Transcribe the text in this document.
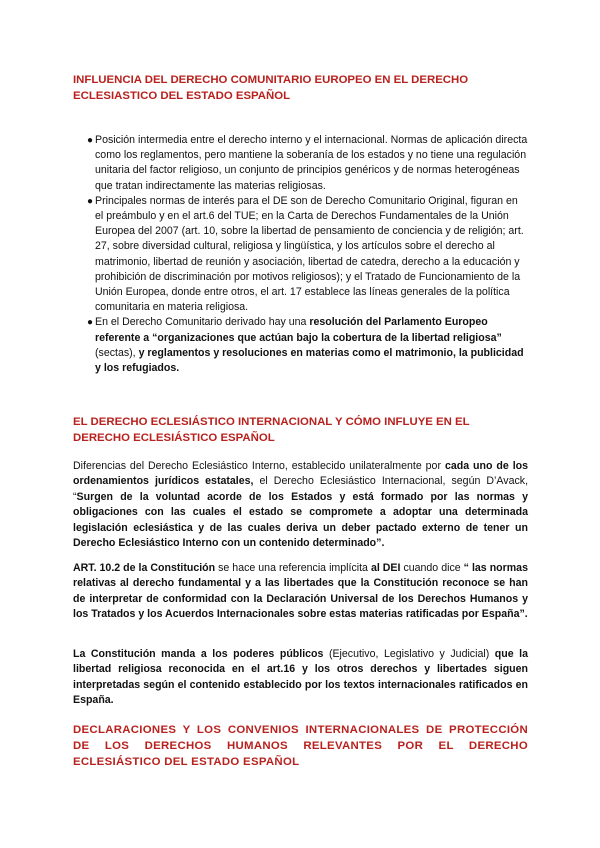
INFLUENCIA DEL DERECHO COMUNITARIO EUROPEO EN EL DERECHO ECLESIASTICO DEL ESTADO ESPAÑOL
● Posición intermedia entre el derecho interno y el internacional. Normas de aplicación directa como los reglamentos, pero mantiene la soberanía de los estados y no tiene una regulación unitaria del factor religioso, un conjunto de principios genéricos y de normas heterogéneas que tratan indirectamente las materias religiosas.
● Principales normas de interés para el DE son de Derecho Comunitario Original, figuran en el preámbulo y en el art.6 del TUE; en la Carta de Derechos Fundamentales de la Unión Europea del 2007 (art. 10, sobre la libertad de pensamiento de conciencia y de religión; art. 27, sobre diversidad cultural, religiosa y lingüística, y los artículos sobre el derecho al matrimonio, libertad de reunión y asociación, libertad de catedra, derecho a la educación y prohibición de discriminación por motivos religiosos); y el Tratado de Funcionamiento de la Unión Europea, donde entre otros, el art. 17 establece las líneas generales de la política comunitaria en materia religiosa.
● En el Derecho Comunitario derivado hay una resolución del Parlamento Europeo referente a “organizaciones que actúan bajo la cobertura de la libertad religiosa” (sectas), y reglamentos y resoluciones en materias como el matrimonio, la publicidad y los refugiados.
EL DERECHO ECLESIÁSTICO INTERNACIONAL Y CÓMO INFLUYE EN EL DERECHO ECLESIÁSTICO ESPAÑOL
Diferencias del Derecho Eclesiástico Interno, establecido unilateralmente por cada uno de los ordenamientos jurídicos estatales, el Derecho Eclesiástico Internacional, según D’Avack, “Surgen de la voluntad acorde de los Estados y está formado por las normas y obligaciones con las cuales el estado se compromete a adoptar una determinada legislación eclesiástica y de las cuales deriva un deber pactado externo de tener un Derecho Eclesiástico Interno con un contenido determinado”.
ART. 10.2 de la Constitución se hace una referencia implícita al DEI cuando dice “ las normas relativas al derecho fundamental y a las libertades que la Constitución reconoce se han de interpretar de conformidad con la Declaración Universal de los Derechos Humanos y los Tratados y los Acuerdos Internacionales sobre estas materias ratificadas por España”.
La Constitución manda a los poderes públicos (Ejecutivo, Legislativo y Judicial) que la libertad religiosa reconocida en el art.16 y los otros derechos y libertades siguen interpretadas según el contenido establecido por los textos internacionales ratificados en España.
DECLARACIONES Y LOS CONVENIOS INTERNACIONALES DE PROTECCIÓN DE LOS DERECHOS HUMANOS RELEVANTES POR EL DERECHO ECLESIÁSTICO DEL ESTADO ESPAÑOL
